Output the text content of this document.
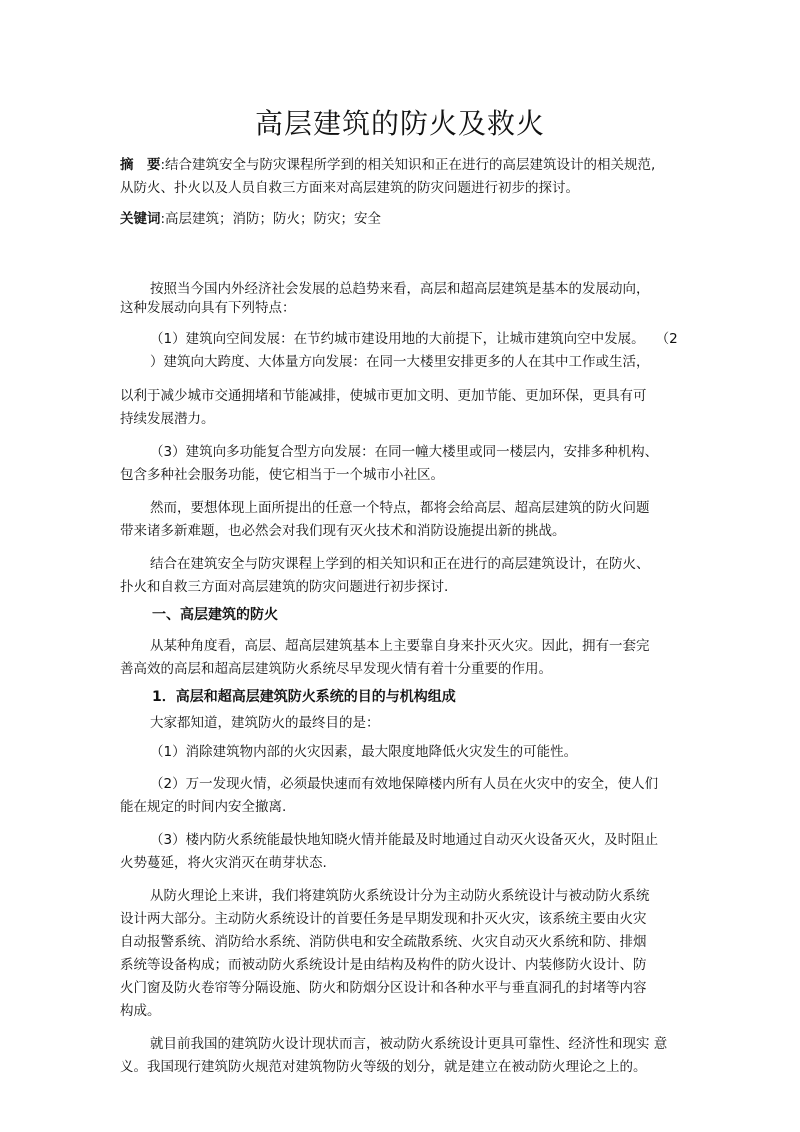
高层建筑的防火及救火
摘　要:结合建筑安全与防灾课程所学到的相关知识和正在进行的高层建筑设计的相关规范,
从防火、扑火以及人员自救三方面来对高层建筑的防灾问题进行初步的探讨。
关键词:高层建筑；消防；防火；防灾；安全
按照当今国内外经济社会发展的总趋势来看，高层和超高层建筑是基本的发展动向，
这种发展动向具有下列特点：
（1）建筑向空间发展：在节约城市建设用地的大前提下，让城市建筑向空中发展。　 （2
）建筑向大跨度、大体量方向发展：在同一大楼里安排更多的人在其中工作或生活，
以利于减少城市交通拥堵和节能减排，使城市更加文明、更加节能、更加环保，更具有可
持续发展潜力。
（3）建筑向多功能复合型方向发展：在同一幢大楼里或同一楼层内，安排多种机构、
包含多种社会服务功能，使它相当于一个城市小社区。
然而，要想体现上面所提出的任意一个特点，都将会给高层、超高层建筑的防火问题
带来诸多新难题，也必然会对我们现有灭火技术和消防设施提出新的挑战。
结合在建筑安全与防灾课程上学到的相关知识和正在进行的高层建筑设计，在防火、
扑火和自救三方面对高层建筑的防灾问题进行初步探讨.
一、高层建筑的防火
从某种角度看，高层、超高层建筑基本上主要靠自身来扑灭火灾。因此，拥有一套完
善高效的高层和超高层建筑防火系统尽早发现火情有着十分重要的作用。
1．高层和超高层建筑防火系统的目的与机构组成
大家都知道，建筑防火的最终目的是：
（1）消除建筑物内部的火灾因素，最大限度地降低火灾发生的可能性。
（2）万一发现火情，必须最快速而有效地保障楼内所有人员在火灾中的安全，使人们
能在规定的时间内安全撤离.
（3）楼内防火系统能最快地知晓火情并能最及时地通过自动灭火设备灭火，及时阻止
火势蔓延，将火灾消灭在萌芽状态.
从防火理论上来讲，我们将建筑防火系统设计分为主动防火系统设计与被动防火系统
设计两大部分。主动防火系统设计的首要任务是早期发现和扑灭火灾，该系统主要由火灾
自动报警系统、消防给水系统、消防供电和安全疏散系统、火灾自动灭火系统和防、排烟
系统等设备构成；而被动防火系统设计是由结构及构件的防火设计、内装修防火设计、防
火门窗及防火卷帘等分隔设施、防火和防烟分区设计和各种水平与垂直洞孔的封堵等内容
构成。
就目前我国的建筑防火设计现状而言，被动防火系统设计更具可靠性、经济性和现实 意
义。我国现行建筑防火规范对建筑物防火等级的划分，就是建立在被动防火理论之上的。
